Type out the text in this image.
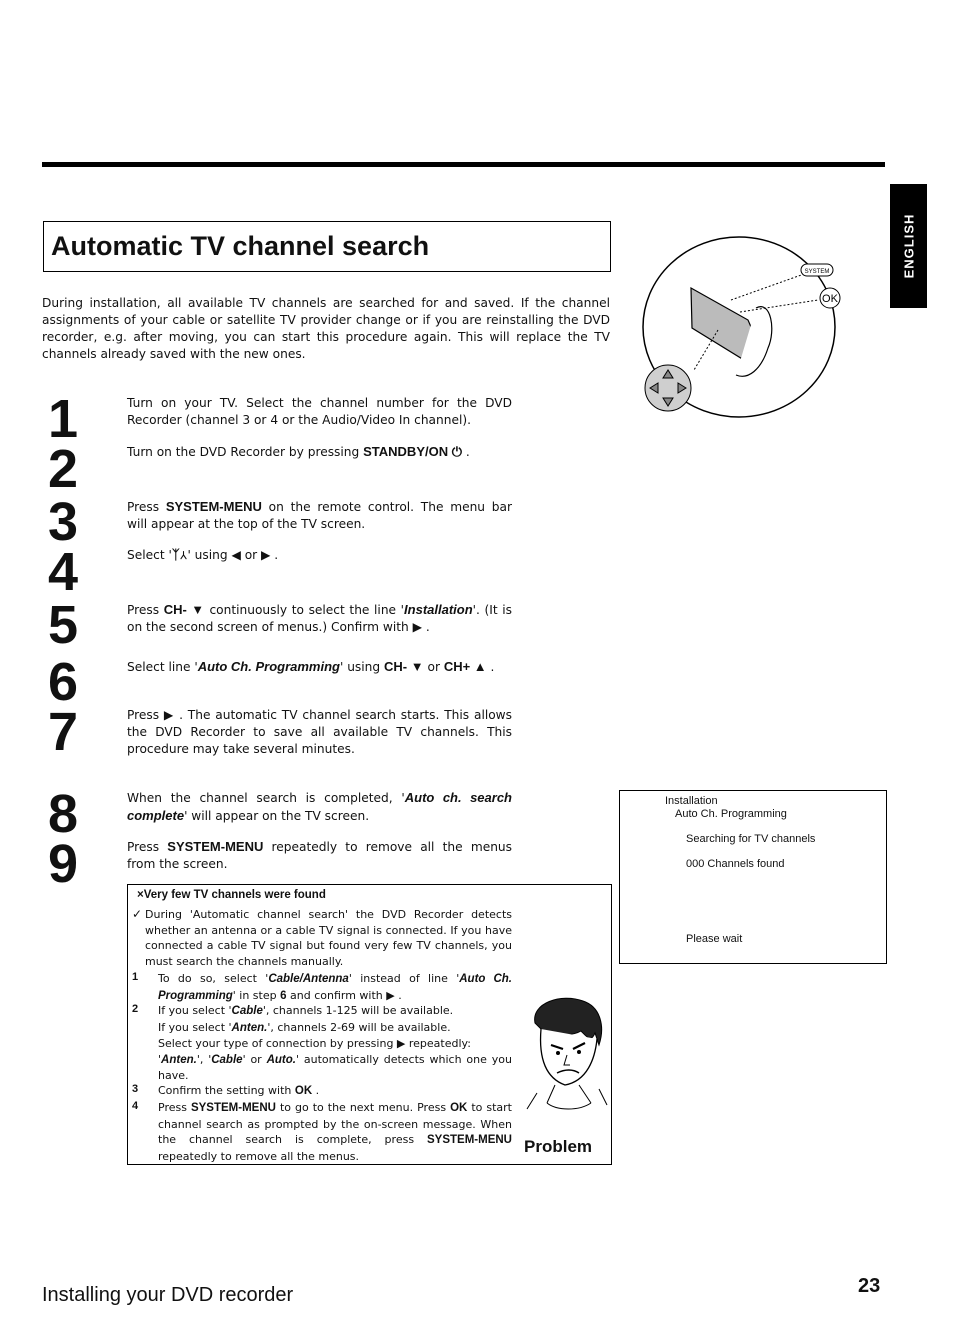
ENGLISH
Automatic TV channel search
During installation, all available TV channels are searched for and saved. If the channel assignments of your cable or satellite TV provider change or if you are reinstalling the DVD recorder, e.g. after moving, you can start this procedure again. This will replace the TV channels already saved with the new ones.
SYSTEM
OK
1
2
3
4
5
6
7
8
9
Turn on your TV. Select the channel number for the DVD Recorder (channel 3 or 4 or the Audio/Video In channel).
Turn on the DVD Recorder by pressing STANDBY/ON ⏻ .
Press SYSTEM-MENU on the remote control. The menu bar will appear at the top of the TV screen.
Select 'ᛉ⅄' using ◀ or ▶ .
Press CH- ▼ continuously to select the line 'Installation'. (It is on the second screen of menus.) Confirm with ▶ .
Select line 'Auto Ch. Programming' using CH- ▼ or CH+ ▲ .
Press ▶ . The automatic TV channel search starts. This allows the DVD Recorder to save all available TV channels. This procedure may take several minutes.
When the channel search is completed, 'Auto ch. search complete' will appear on the TV screen.
Press SYSTEM-MENU repeatedly to remove all the menus from the screen.
Installation
Auto Ch. Programming
Searching for TV channels
000 Channels found
Please wait
×Very few TV channels were found
✓ During 'Automatic channel search' the DVD Recorder detects whether an antenna or a cable TV signal is connected. If you have connected a cable TV signal but found very few TV channels, you must search the channels manually.
1 To do so, select 'Cable/Antenna' instead of line 'Auto Ch. Programming' in step 6 and confirm with ▶ .
2 If you select 'Cable', channels 1-125 will be available.
If you select 'Anten.', channels 2-69 will be available.
Select your type of connection by pressing ▶ repeatedly:
'Anten.', 'Cable' or Auto.' automatically detects which one you have.
3 Confirm the setting with OK .
4 Press SYSTEM-MENU to go to the next menu. Press OK to start channel search as prompted by the on-screen message. When the channel search is complete, press SYSTEM-MENU repeatedly to remove all the menus.	Problem
Installing your DVD recorder	23
